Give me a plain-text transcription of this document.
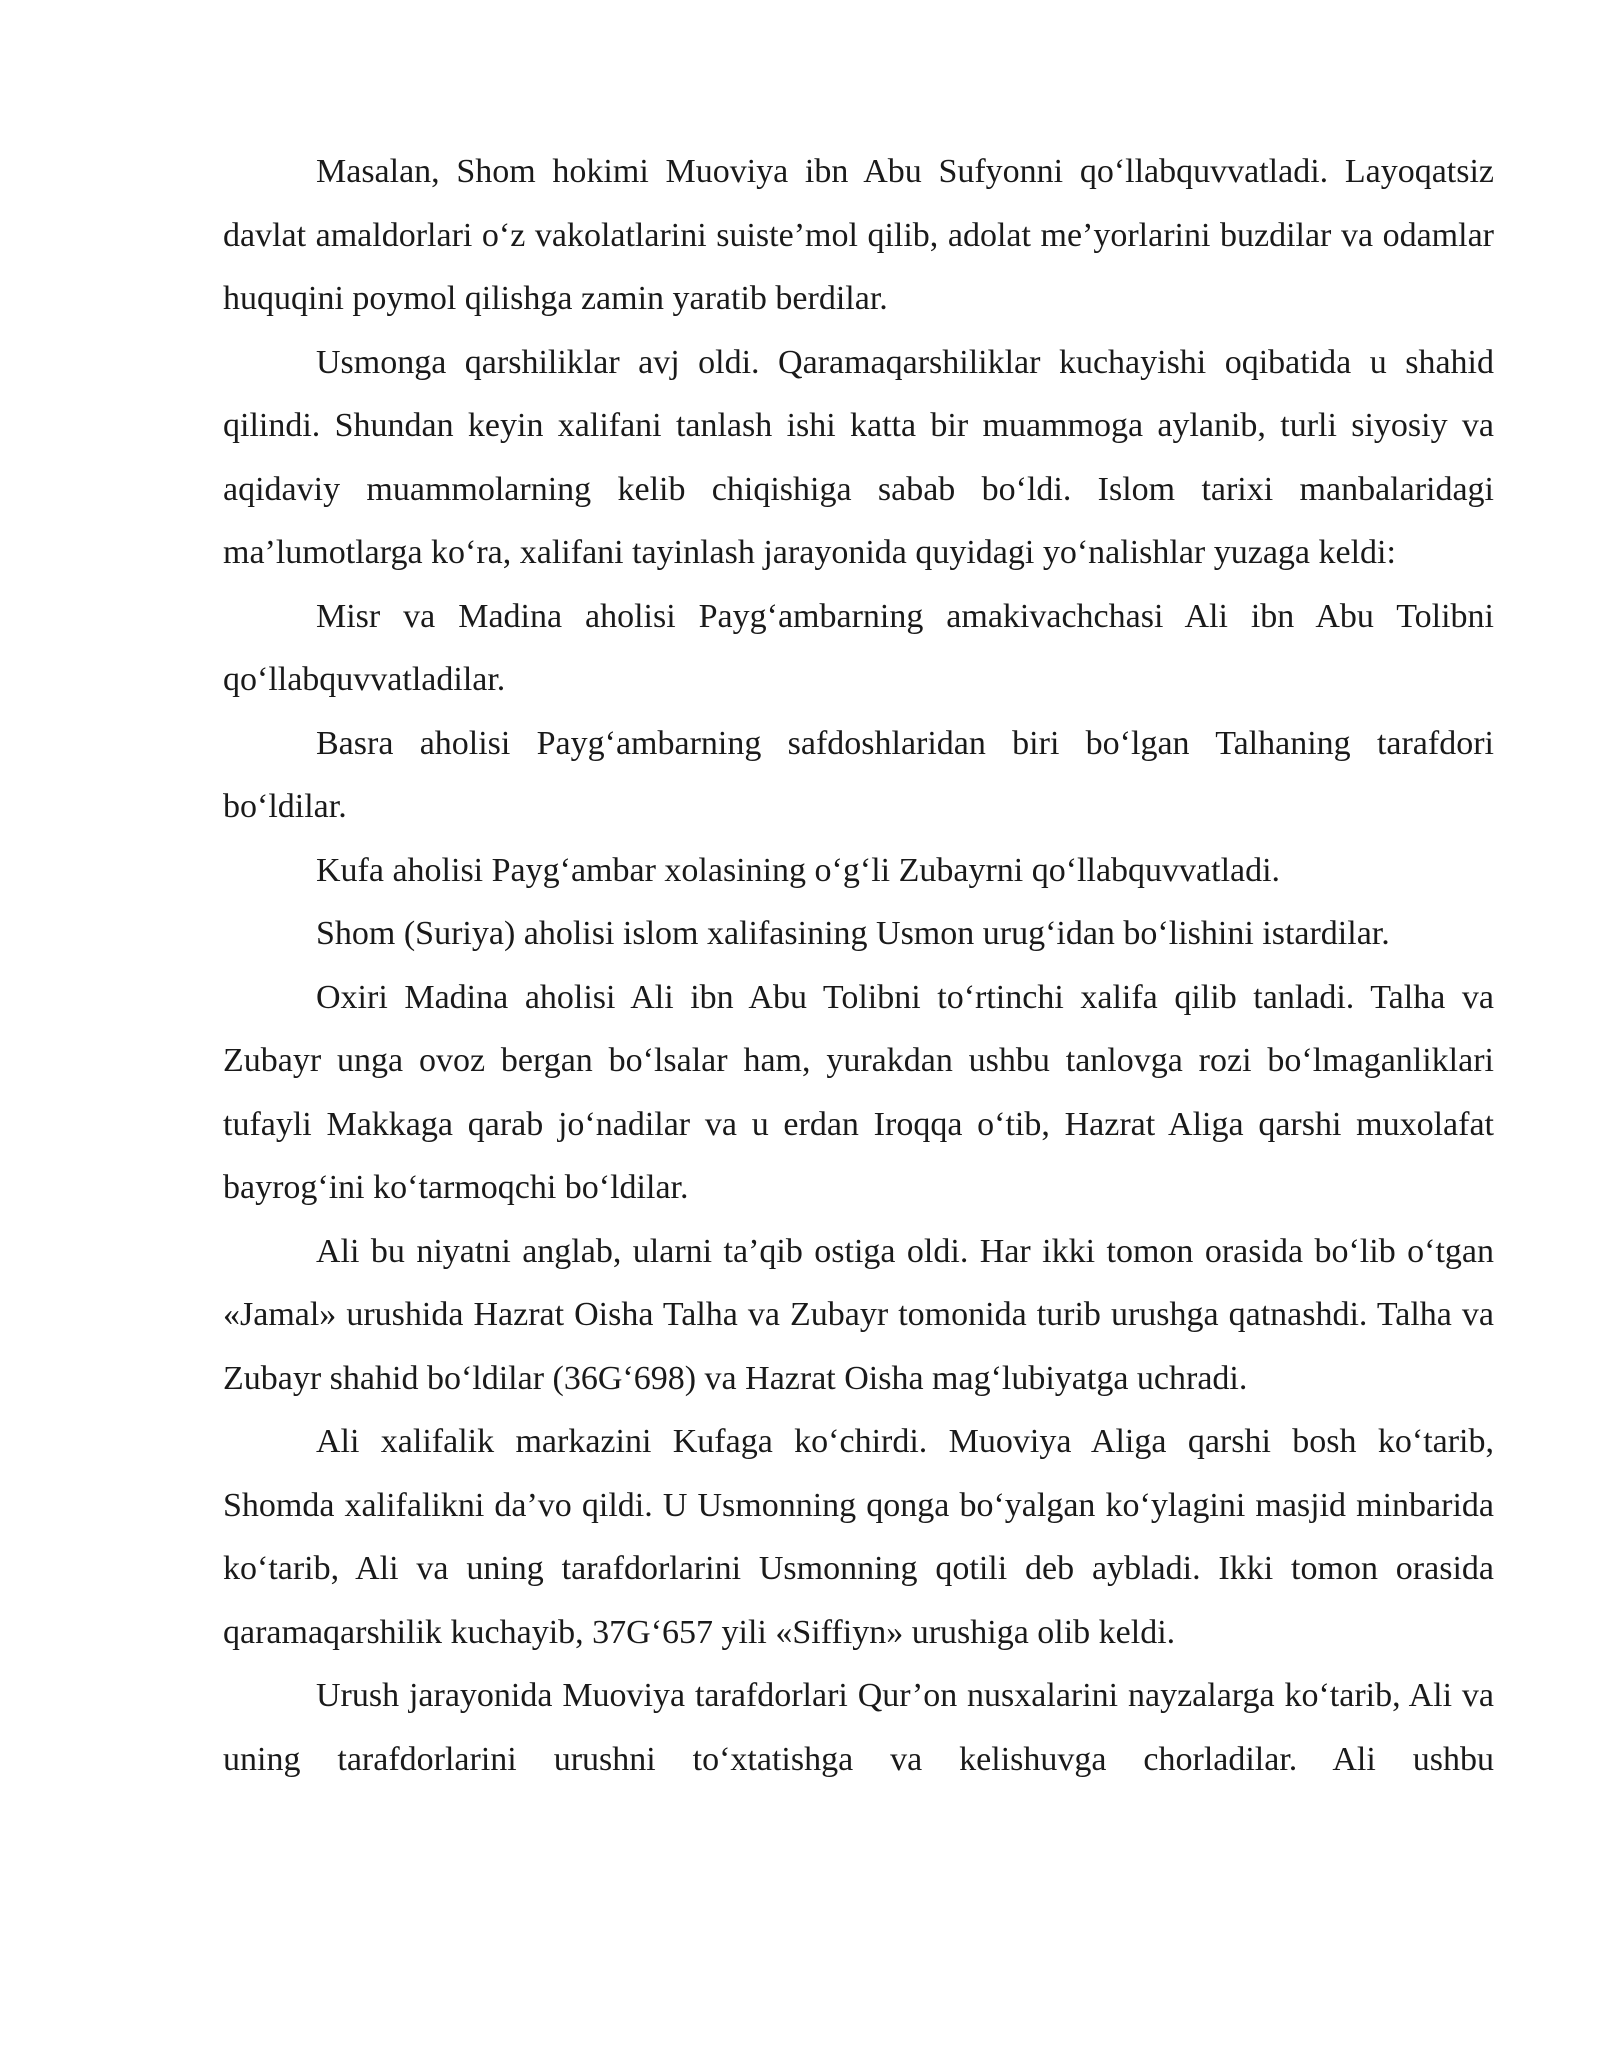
Masalan, Shom hokimi Muoviya ibn Abu Sufyonni qo‘llabquvvatladi. Layoqatsiz davlat amaldorlari o‘z vakolatlarini suiste’mol qilib, adolat me’yorlarini buzdilar va odamlar huquqini poymol qilishga zamin yaratib berdilar.

Usmonga qarshiliklar avj oldi. Qaramaqarshiliklar kuchayishi oqibatida u shahid qilindi. Shundan keyin xalifani tanlash ishi katta bir muammoga aylanib, turli siyosiy va aqidaviy muammolarning kelib chiqishiga sabab bo‘ldi. Islom tarixi manbalaridagi ma’lumotlarga ko‘ra, xalifani tayinlash jarayonida quyidagi yo‘nalishlar yuzaga keldi:

Misr va Madina aholisi Payg‘ambarning amakivachchasi Ali ibn Abu Tolibni qo‘llabquvvatladilar.

Basra aholisi Payg‘ambarning safdoshlaridan biri bo‘lgan Talhaning tarafdori bo‘ldilar.

Kufa aholisi Payg‘ambar xolasining o‘g‘li Zubayrni qo‘llabquvvatladi.

Shom (Suriya) aholisi islom xalifasining Usmon urug‘idan bo‘lishini istardilar.

Oxiri Madina aholisi Ali ibn Abu Tolibni to‘rtinchi xalifa qilib tanladi. Talha va Zubayr unga ovoz bergan bo‘lsalar ham, yurakdan ushbu tanlovga rozi bo‘lmaganliklari tufayli Makkaga qarab jo‘nadilar va u erdan Iroqqa o‘tib, Hazrat Aliga qarshi muxolafat bayrog‘ini ko‘tarmoqchi bo‘ldilar.

Ali bu niyatni anglab, ularni ta’qib ostiga oldi. Har ikki tomon orasida bo‘lib o‘tgan «Jamal» urushida Hazrat Oisha Talha va Zubayr tomonida turib urushga qatnashdi. Talha va Zubayr shahid bo‘ldilar (36G‘698) va Hazrat Oisha mag‘lubiyatga uchradi.

Ali xalifalik markazini Kufaga ko‘chirdi. Muoviya Aliga qarshi bosh ko‘tarib, Shomda xalifalikni da’vo qildi. U Usmonning qonga bo‘yalgan ko‘ylagini masjid minbarida ko‘tarib, Ali va uning tarafdorlarini Usmonning qotili deb aybladi. Ikki tomon orasida qaramaqarshilik kuchayib, 37G‘657 yili «Siffiyn» urushiga olib keldi.

Urush jarayonida Muoviya tarafdorlari Qur’on nusxalarini nayzalarga ko‘tarib, Ali va uning tarafdorlarini urushni to‘xtatishga va kelishuvga chorladilar. Ali ushbu
